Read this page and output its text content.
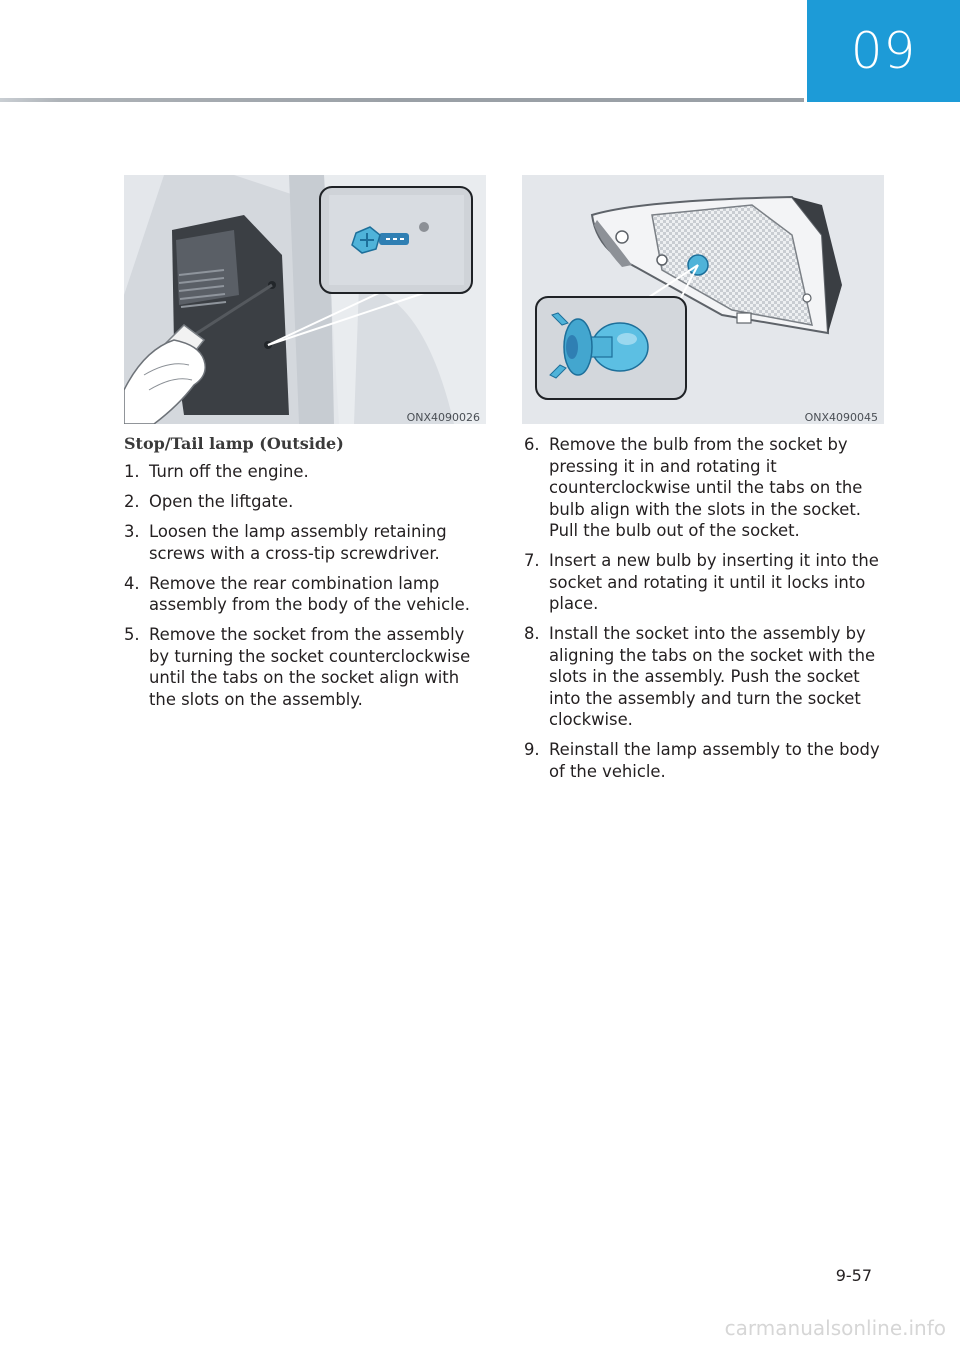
09
ONX4090026	ONX4090045
Stop/Tail lamp (Outside)
1. Turn off the engine.
2. Open the liftgate.
3. Loosen the lamp assembly retaining screws with a cross-tip screwdriver.
4. Remove the rear combination lamp assembly from the body of the vehicle.
5. Remove the socket from the assembly by turning the socket counterclockwise until the tabs on the socket align with the slots on the assembly.
6. Remove the bulb from the socket by pressing it in and rotating it counterclockwise until the tabs on the bulb align with the slots in the socket. Pull the bulb out of the socket.
7. Insert a new bulb by inserting it into the socket and rotating it until it locks into place.
8. Install the socket into the assembly by aligning the tabs on the socket with the slots in the assembly. Push the socket into the assembly and turn the socket clockwise.
9. Reinstall the lamp assembly to the body of the vehicle.
9-57
carmanualsonline.info
